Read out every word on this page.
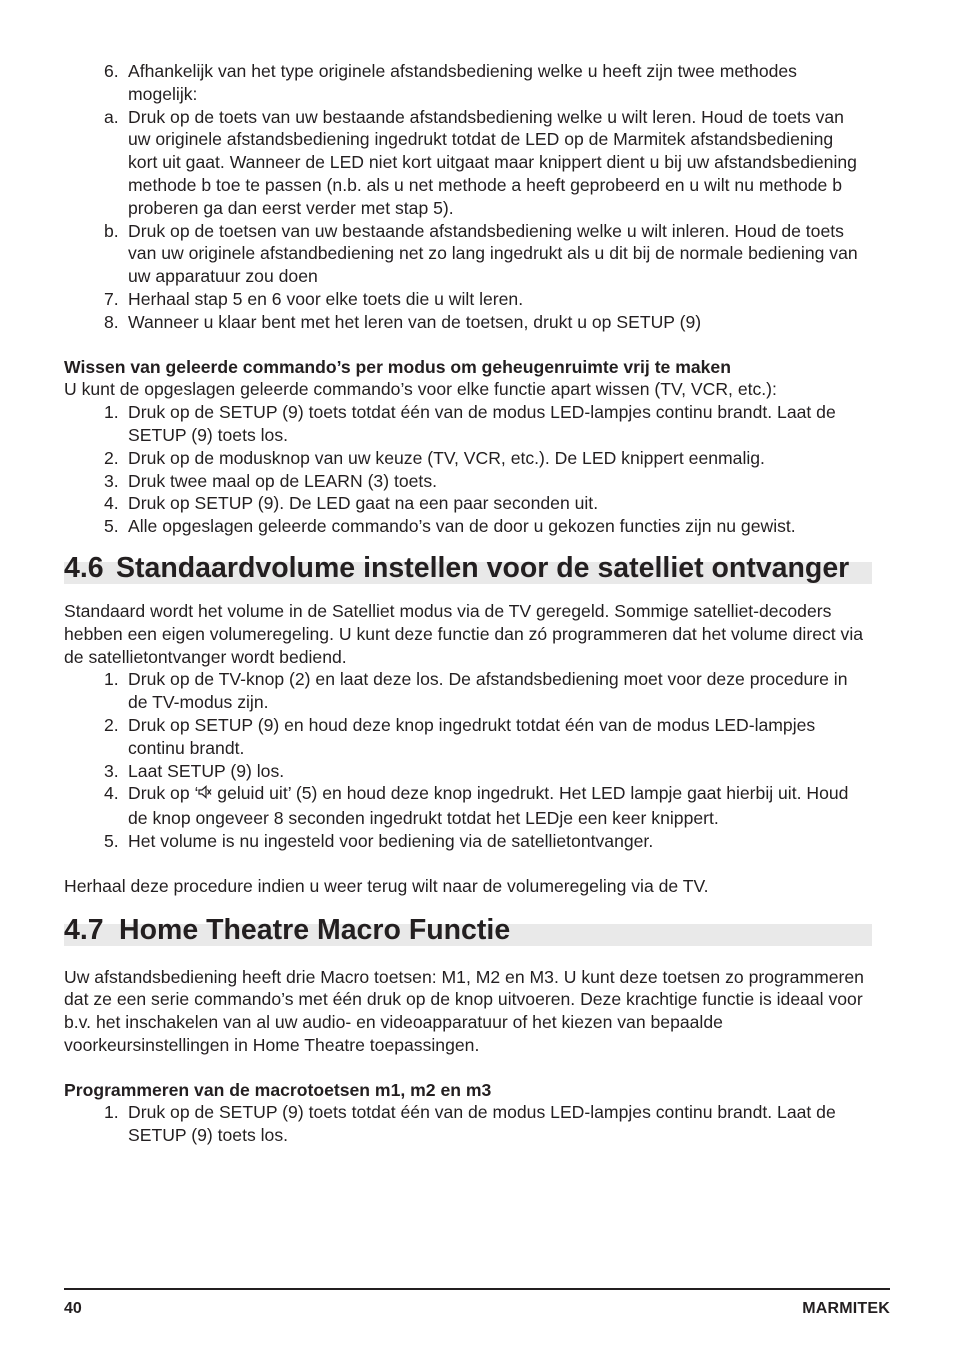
6. Afhankelijk van het type originele afstandsbediening welke u heeft zijn twee methodes mogelijk:
a. Druk op de toets van uw bestaande afstandsbediening welke u wilt leren. Houd de toets van uw originele afstandsbediening ingedrukt totdat de LED op de Marmitek afstandsbediening kort uit gaat. Wanneer de LED niet kort uitgaat maar knippert dient u bij uw afstandsbediening methode b toe te passen (n.b. als u net methode a heeft geprobeerd en u wilt nu methode b proberen ga dan eerst verder met stap 5).
b. Druk op de toetsen van uw bestaande afstandsbediening welke u wilt inleren. Houd de toets van uw originele afstandbediening net zo lang ingedrukt als u dit bij de normale bediening van uw apparatuur zou doen
7. Herhaal stap 5 en 6 voor elke toets die u wilt leren.
8. Wanneer u klaar bent met het leren van de toetsen, drukt u op SETUP (9)

Wissen van geleerde commando’s per modus om geheugenruimte vrij te maken

U kunt de opgeslagen geleerde commando’s voor elke functie apart wissen (TV, VCR, etc.):

1. Druk op de SETUP (9) toets totdat één van de modus LED-lampjes continu brandt. Laat de SETUP (9) toets los.
2. Druk op de modusknop van uw keuze (TV, VCR, etc.). De LED knippert eenmalig.
3. Druk twee maal op de LEARN (3) toets.
4. Druk op SETUP (9). De LED gaat na een paar seconden uit.
5. Alle opgeslagen geleerde commando’s van de door u gekozen functies zijn nu gewist.
4.6 Standaardvolume instellen voor de satelliet ontvanger

Standaard wordt het volume in de Satelliet modus via de TV geregeld. Sommige satelliet-decoders hebben een eigen volumeregeling. U kunt deze functie dan zó programmeren dat het volume direct via de satellietontvanger wordt bediend.

1. Druk op de TV-knop (2) en laat deze los. De afstandsbediening moet voor deze procedure in de TV-modus zijn.
2. Druk op SETUP (9) en houd deze knop ingedrukt totdat één van de modus LED-lampjes continu brandt.
3. Laat SETUP (9) los.
4. Druk op ‘ geluid uit’ (5) en houd deze knop ingedrukt. Het LED lampje gaat hierbij uit. Houd de knop ongeveer 8 seconden ingedrukt totdat het LEDje een keer knippert.
5. Het volume is nu ingesteld voor bediening via de satellietontvanger.

Herhaal deze procedure indien u weer terug wilt naar de volumeregeling via de TV.

4.7 Home Theatre Macro Functie

Uw afstandsbediening heeft drie Macro toetsen: M1, M2 en M3. U kunt deze toetsen zo programmeren dat ze een serie commando’s met één druk op de knop uitvoeren. Deze krachtige functie is ideaal voor b.v. het inschakelen van al uw audio- en videoapparatuur of het kiezen van bepaalde voorkeursinstellingen in Home Theatre toepassingen.

Programmeren van de macrotoetsen m1, m2 en m3

1. Druk op de SETUP (9) toets totdat één van de modus LED-lampjes continu brandt. Laat de SETUP (9) toets los.
40	MARMITEK
